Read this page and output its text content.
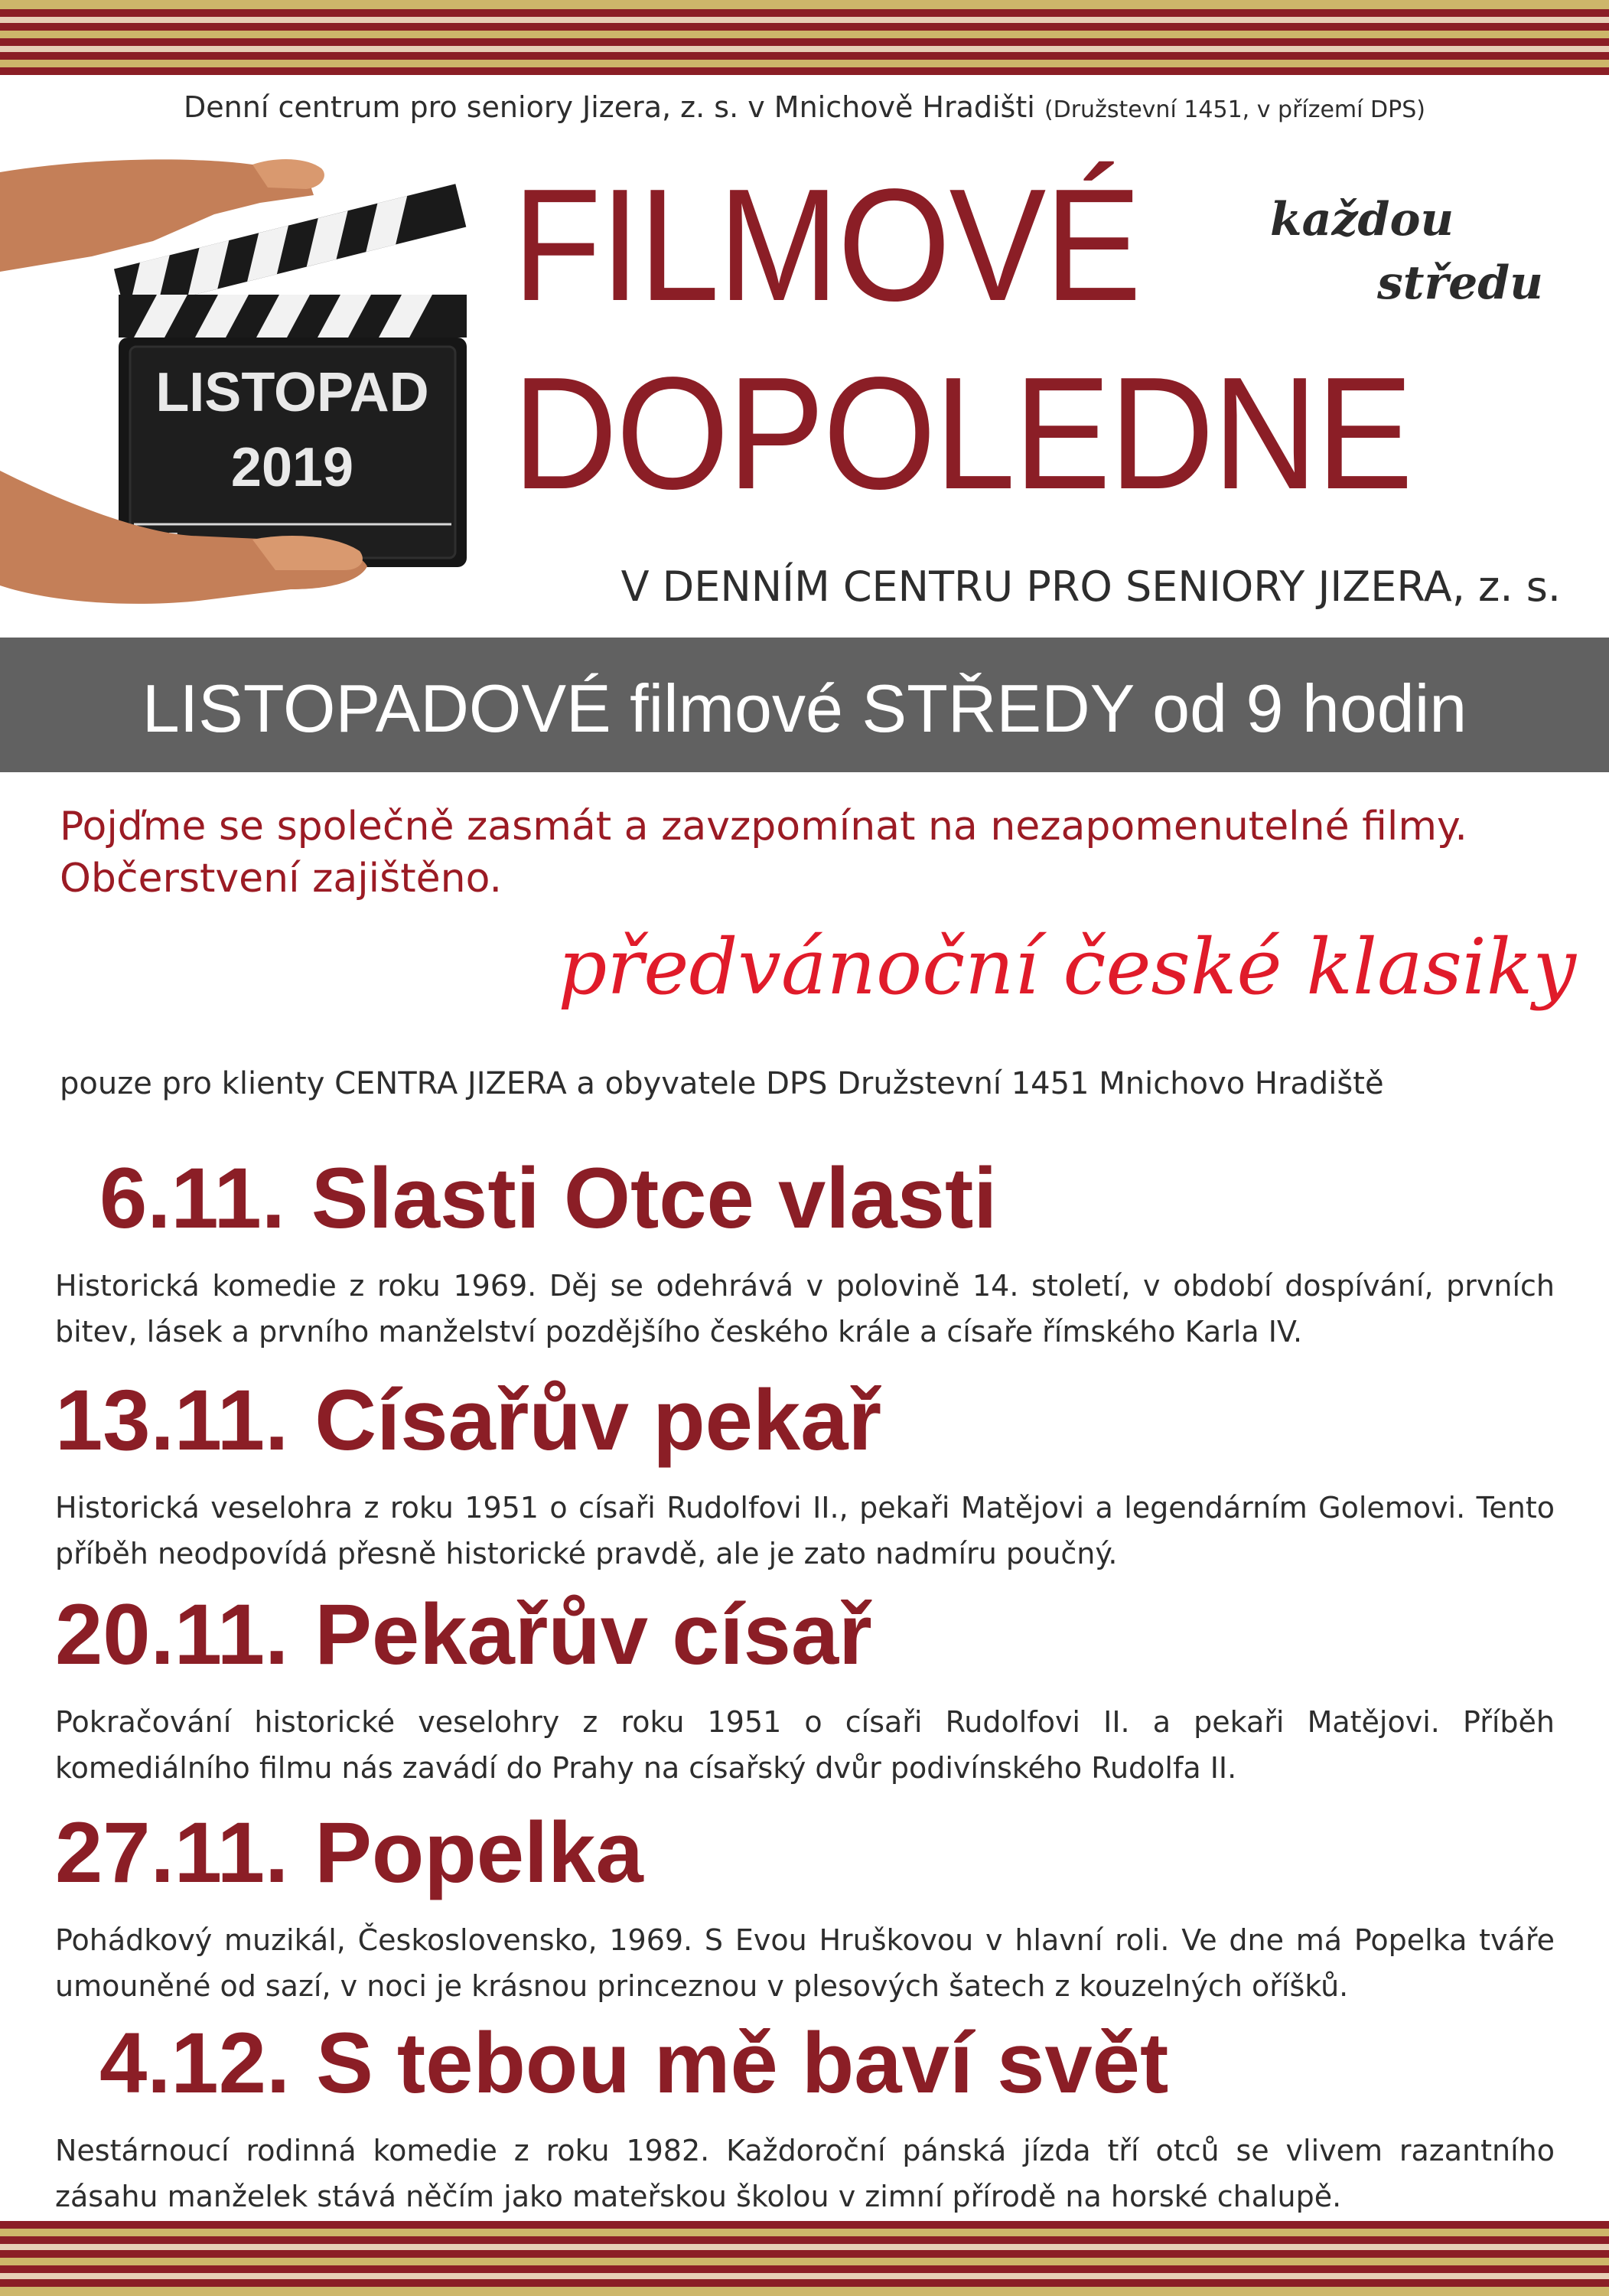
Denní centrum pro seniory Jizera, z. s. v Mnichově Hradišti (Družstevní 1451, v přízemí DPS)
LISTOPAD
2019
FILMOVÉ
DOPOLEDNE
každou
středu
V DENNÍM CENTRU PRO SENIORY JIZERA, z. s.
LISTOPADOVÉ filmové STŘEDY od 9 hodin
Pojďme se společně zasmát a zavzpomínat na nezapomenutelné filmy.
Občerstvení zajištěno.
předvánoční české klasiky
pouze pro klienty CENTRA JIZERA a obyvatele DPS Družstevní 1451 Mnichovo Hradiště
6.11. Slasti Otce vlasti
Historická komedie z roku 1969. Děj se odehrává v polovině 14. století, v období dospívání, prvních bitev, lásek a prvního manželství pozdějšího českého krále a císaře římského Karla IV.
13.11. Císařův pekař
Historická veselohra z roku 1951 o císaři Rudolfovi II., pekaři Matějovi a legendárním Golemovi. Tento příběh neodpovídá přesně historické pravdě, ale je zato nadmíru poučný.
20.11. Pekařův císař
Pokračování historické veselohry z roku 1951 o císaři Rudolfovi II. a pekaři Matějovi. Příběh komediálního filmu nás zavádí do Prahy na císařský dvůr podivínského Rudolfa II.
27.11. Popelka
Pohádkový muzikál, Československo, 1969. S Evou Hruškovou v hlavní roli. Ve dne má Popelka tváře umouněné od sazí, v noci je krásnou princeznou v plesových šatech z kouzelných oříšků.
4.12. S tebou mě baví svět
Nestárnoucí rodinná komedie z roku 1982. Každoroční pánská jízda tří otců se vlivem razantního zásahu manželek stává něčím jako mateřskou školou v zimní přírodě na horské chalupě.
